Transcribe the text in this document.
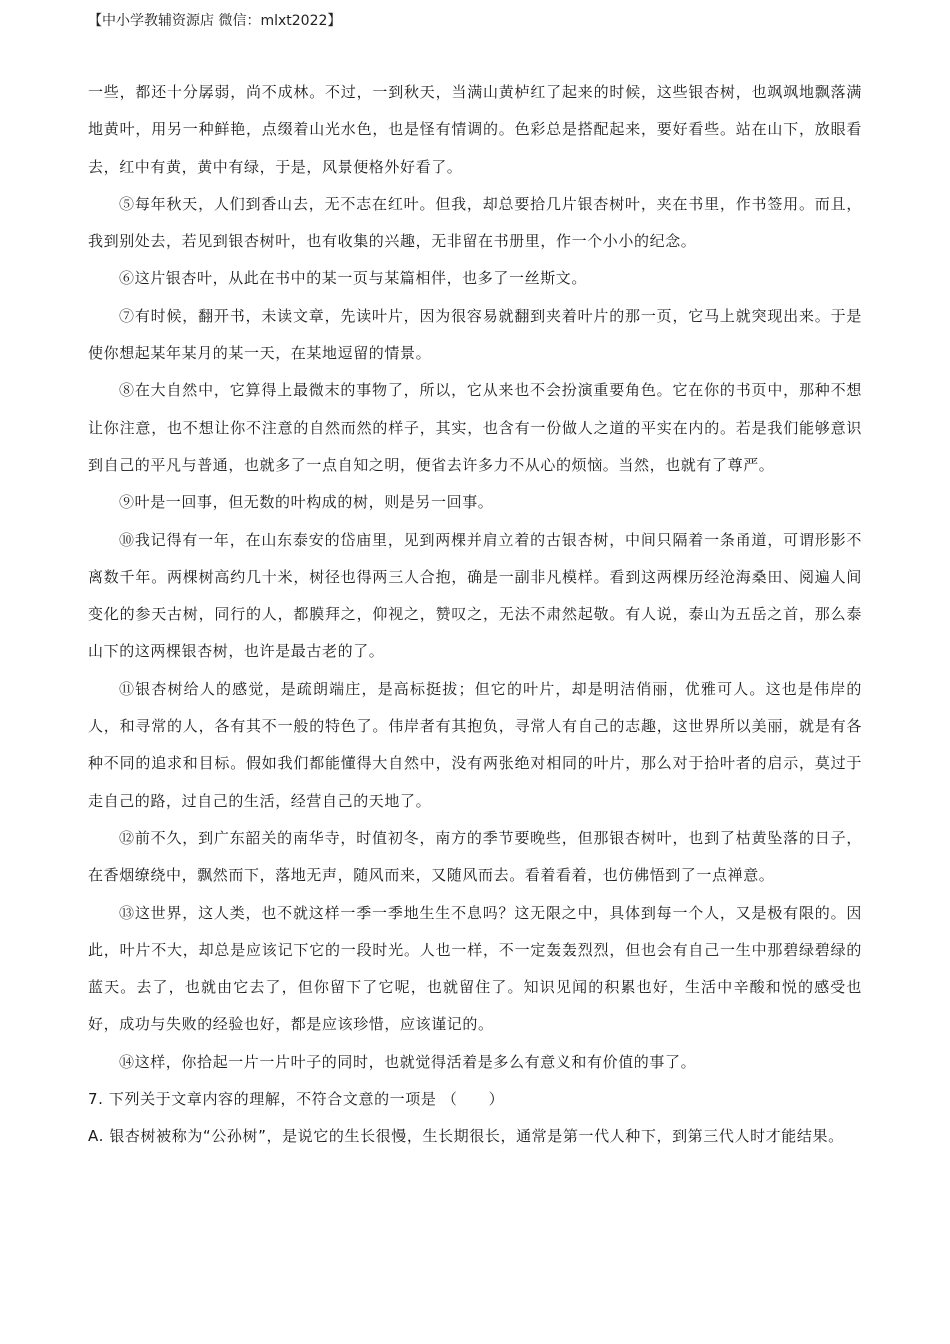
【中小学教辅资源店 微信：mlxt2022】

一些，都还十分孱弱，尚不成林。不过，一到秋天，当满山黄栌红了起来的时候，这些银杏树，也飒飒地飘落满地黄叶，用另一种鲜艳，点缀着山光水色，也是怪有情调的。色彩总是搭配起来，要好看些。站在山下，放眼看去，红中有黄，黄中有绿，于是，风景便格外好看了。

⑤每年秋天，人们到香山去，无不志在红叶。但我，却总要拾几片银杏树叶，夹在书里，作书签用。而且，我到别处去，若见到银杏树叶，也有收集的兴趣，无非留在书册里，作一个小小的纪念。

⑥这片银杏叶，从此在书中的某一页与某篇相伴，也多了一丝斯文。

⑦有时候，翻开书，未读文章，先读叶片，因为很容易就翻到夹着叶片的那一页，它马上就突现出来。于是使你想起某年某月的某一天，在某地逗留的情景。

⑧在大自然中，它算得上最微末的事物了，所以，它从来也不会扮演重要角色。它在你的书页中，那种不想让你注意，也不想让你不注意的自然而然的样子，其实，也含有一份做人之道的平实在内的。若是我们能够意识到自己的平凡与普通，也就多了一点自知之明，便省去许多力不从心的烦恼。当然，也就有了尊严。

⑨叶是一回事，但无数的叶构成的树，则是另一回事。

⑩我记得有一年，在山东泰安的岱庙里，见到两棵并肩立着的古银杏树，中间只隔着一条甬道，可谓形影不离数千年。两棵树高约几十米，树径也得两三人合抱，确是一副非凡模样。看到这两棵历经沧海桑田、阅遍人间变化的参天古树，同行的人，都膜拜之，仰视之，赞叹之，无法不肃然起敬。有人说，泰山为五岳之首，那么泰山下的这两棵银杏树，也许是最古老的了。

⑪银杏树给人的感觉，是疏朗端庄，是高标挺拔；但它的叶片，却是明洁俏丽，优雅可人。这也是伟岸的人，和寻常的人，各有其不一般的特色了。伟岸者有其抱负，寻常人有自己的志趣，这世界所以美丽，就是有各种不同的追求和目标。假如我们都能懂得大自然中，没有两张绝对相同的叶片，那么对于拾叶者的启示，莫过于走自己的路，过自己的生活，经营自己的天地了。

⑫前不久，到广东韶关的南华寺，时值初冬，南方的季节要晚些，但那银杏树叶，也到了枯黄坠落的日子，在香烟缭绕中，飘然而下，落地无声，随风而来，又随风而去。看着看着，也仿佛悟到了一点禅意。

⑬这世界，这人类，也不就这样一季一季地生生不息吗？这无限之中，具体到每一个人，又是极有限的。因此，叶片不大，却总是应该记下它的一段时光。人也一样，不一定轰轰烈烈，但也会有自己一生中那碧绿碧绿的蓝天。去了，也就由它去了，但你留下了它呢，也就留住了。知识见闻的积累也好，生活中辛酸和悦的感受也好，成功与失败的经验也好，都是应该珍惜，应该谨记的。

⑭这样，你拾起一片一片叶子的同时，也就觉得活着是多么有意义和有价值的事了。

7. 下列关于文章内容的理解，不符合文意的一项是 （　　）

A. 银杏树被称为“公孙树”，是说它的生长很慢，生长期很长，通常是第一代人种下，到第三代人时才能结果。
